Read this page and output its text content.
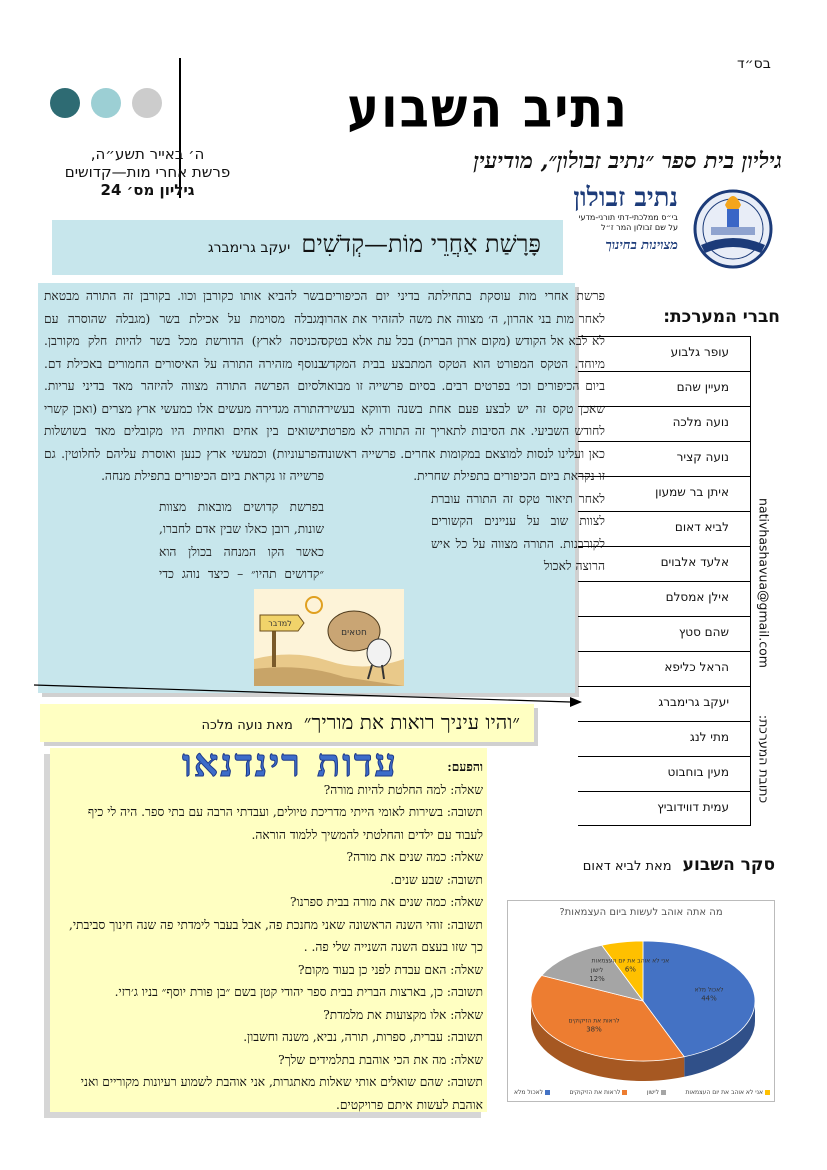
בס״ד
ה׳ באייר תשע״ה,
פרשת אחרי מות—קדושים
גיליון מס׳ 24
נתיב השבוע
גיליון בית ספר ״נתיב זבולון״, מודיעין
נתיב זבולון
בי״ס ממלכתי-דתי תורני-מדעי
על שם זבולון המר ז״ל
מצוינות בחינוך
פָּרָשַׁת אַחֲרֵי מוֹת—קְדֹשִׁים יעקב גרימברג

פרשת אחרי מות עוסקת בתחילתה בדיני יום הכיפורים. לאחר מות בני אהרון, ה׳ מצווה את משה להזהיר את אהרון לא לבא אל הקודש (מקום ארון הברית) בכל עת אלא בטקס מיוחד. הטקס המפורט הוא הטקס המתבצע בבית המקדש ביום הכיפורים וכו׳ בפרטים רבים. בסיום פרשייה זו מבואר שאכן טקס זה יש לבצע פעם אחת בשנה ודווקא בעשירי לחודש השביעי. את הסיבות לתאריך זה התורה לא מפרטת כאן ועלינו לנסות למוצאם במקומות אחרים. פרשייה ראשונה זו נקראת ביום הכיפורים בתפילת שחרית.

לאחר תיאור טקס זה התורה עוברת לצוות שוב על עניינים הקשורים לקורבנות. התורה מצווה על כל איש הרוצה לאכול

בשר להביא אותו כקורבן וכוו. בקורבן זה התורה מבטאת מגבלה מסוימת על אכילת בשר (מגבלה שהוסרה עם הכניסה לארץ) הדורשת מכל בשר להיות חלק מקורבן. בנוסף מזהירה התורה על האיסורים החמורים באכילת דם. לסיום הפרשה התורה מצווה להיזהר מאד בדיני עריות. התורה מגדירה מעשים אלו כמעשי ארץ מצרים (ואכן קשרי נישואים בין אחים ואחיות היו מקובלים מאד בשושלות הפרעוניות) וכמעשי ארץ כנען ואוסרת עליהם לחלוטין. גם פרשייה זו נקראת ביום הכיפורים בתפילת מנחה.

בפרשת קדושים מובאות מצוות שונות, רובן כאלו שבין אדם לחברו, כאשר הקו המנחה בכולן הוא ״קדושים תהיו״ – כיצד נוהג כדי

למדבר
חטאים
חברי המערכת:
עופר גלבוע
מעיין שהם
נועה מלכה
נועה קציר
איתן בר שמעון
לביא דאום
אלעד אלבוים
אילן אמסלם
שהם סטץ
הראל כליפא
יעקב גרימברג
מתי לנג
מעין בוחבוט
עמית דווידוביץ
nativhashavua@gmail.com
כתובת המערכת:
״והיו עיניך רואות את מוריך״ מאת נועה מלכה
והפעם:
שאלה: למה החלטת להיות מורה?
תשובה: בשירות לאומי הייתי מדריכת טיולים, ועבדתי הרבה עם בתי ספר. היה לי כיף לעבוד עם ילדים והחלטתי להמשיך ללמוד הוראה.
שאלה: כמה שנים את מורה?
תשובה: שבע שנים.
שאלה: כמה שנים את מורה בבית ספרנו?
תשובה: זוהי השנה הראשונה שאני מחנכת פה, אבל בעבר לימדתי פה שנה חינוך סביבתי, כך שזו בעצם השנה השנייה שלי פה. .
שאלה: האם עבדת לפני כן בעוד מקום?
תשובה: כן, בארצות הברית בבית ספר יהודי קטן בשם ״בן פורת יוסף״ בניו ג׳רזי.
שאלה: אלו מקצועות את מלמדת?
תשובה: עברית, ספרות, תורה, נביא, משנה וחשבון.
שאלה: מה את הכי אוהבת בתלמידים שלך?
תשובה: שהם שואלים אותי שאלות מאתגרות, אני אוהבת לשמוע רעיונות מקוריים ואני אוהבת לעשות איתם פרויקטים.
עדות רינדנאו
סקר השבוע מאת לביא דאום
לאכול מלא
44%
לראות את הזיקוקים
38%
לישון
12%
אני לא אוהב את יום העצמאות
6%
מה אתה אוהב לעשות ביום העצמאות?
אני לא אוהב את יום העצמאות
לישון
לראות את הזיקוקים
לאכול מלא
